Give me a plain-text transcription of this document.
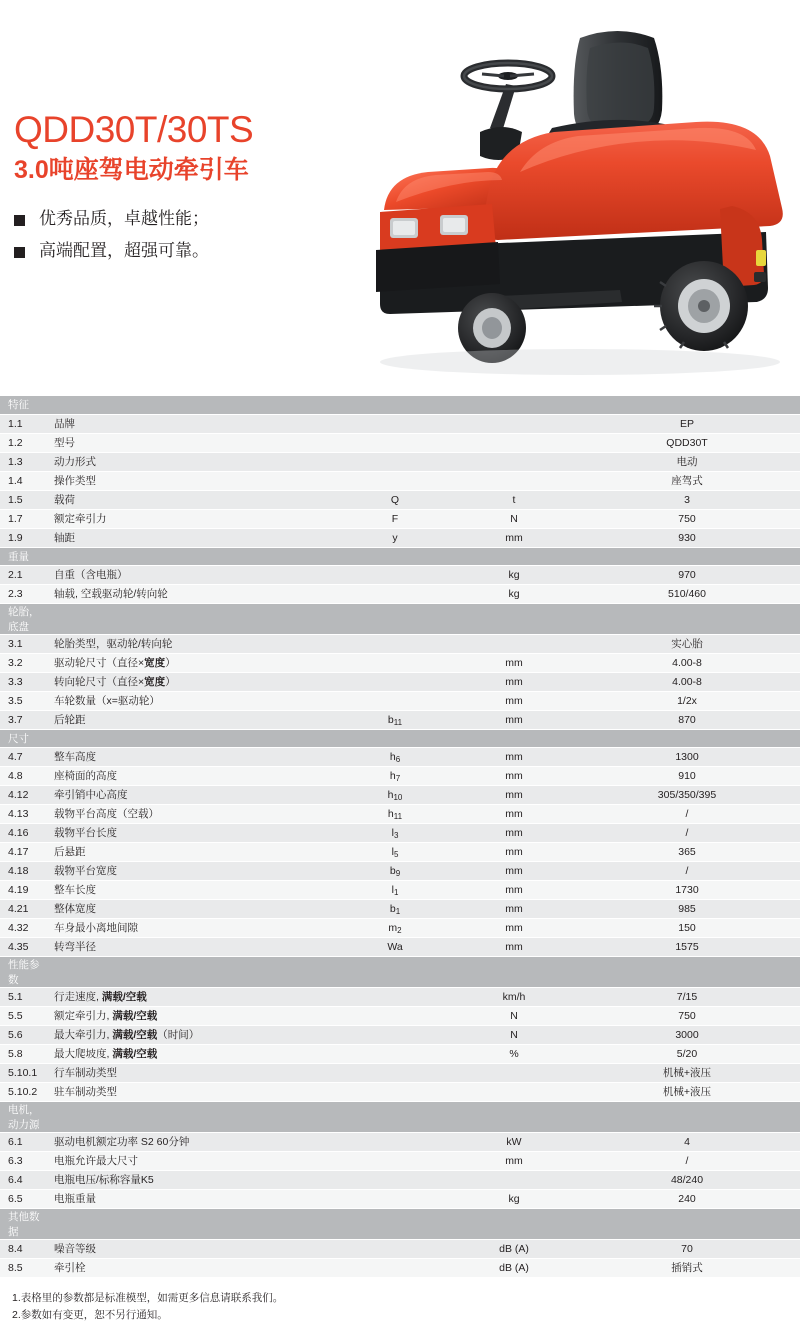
QDD30T/30TS
3.0吨座驾电动牵引车
优秀品质，卓越性能；
高端配置，超强可靠。
特征				
1.1	品牌			EP
1.2	型号			QDD30T
1.3	动力形式			电动
1.4	操作类型			座驾式
1.5	载荷	Q	t	3
1.7	额定牵引力	F	N	750
1.9	轴距	y	mm	930
重量				
2.1	自重（含电瓶）		kg	970
2.3	轴载, 空载驱动轮/转向轮		kg	510/460
轮胎，底盘				
3.1	轮胎类型，驱动轮/转向轮			实心胎
3.2	驱动轮尺寸（直径×宽度）		mm	4.00-8
3.3	转向轮尺寸（直径×宽度）		mm	4.00-8
3.5	车轮数量（x=驱动轮）		mm	1/2x
3.7	后轮距	$b_{11}$	mm	870
尺寸				
4.7	整车高度	$h_6$	mm	1300
4.8	座椅面的高度	$h_7$	mm	910
4.12	牵引销中心高度	$h_{10}$	mm	305/350/395
4.13	载物平台高度（空载）	$h_{11}$	mm	/
4.16	载物平台长度	$l_3$	mm	/
4.17	后悬距	$l_5$	mm	365
4.18	载物平台宽度	$b_9$	mm	/
4.19	整车长度	$l_1$	mm	1730
4.21	整体宽度	$b_1$	mm	985
4.32	车身最小离地间隙	$m_2$	mm	150
4.35	转弯半径	Wa	mm	1575
性能参数				
5.1	行走速度, 满载/空载		km/h	7/15
5.5	额定牵引力, 满载/空载		N	750
5.6	最大牵引力, 满载/空载（时间）		N	3000
5.8	最大爬坡度, 满载/空载		%	5/20
5.10.1	行车制动类型			机械+液压
5.10.2	驻车制动类型			机械+液压
电机，动力源				
6.1	驱动电机额定功率 S2 60分钟		kW	4
6.3	电瓶允许最大尺寸		mm	/
6.4	电瓶电压/标称容量K5			48/240
6.5	电瓶重量		kg	240
其他数据				
8.4	噪音等级		dB (A)	70
8.5	牵引栓		dB (A)	插销式
1.表格里的参数都是标准模型，如需更多信息请联系我们。
2.参数如有变更，恕不另行通知。
